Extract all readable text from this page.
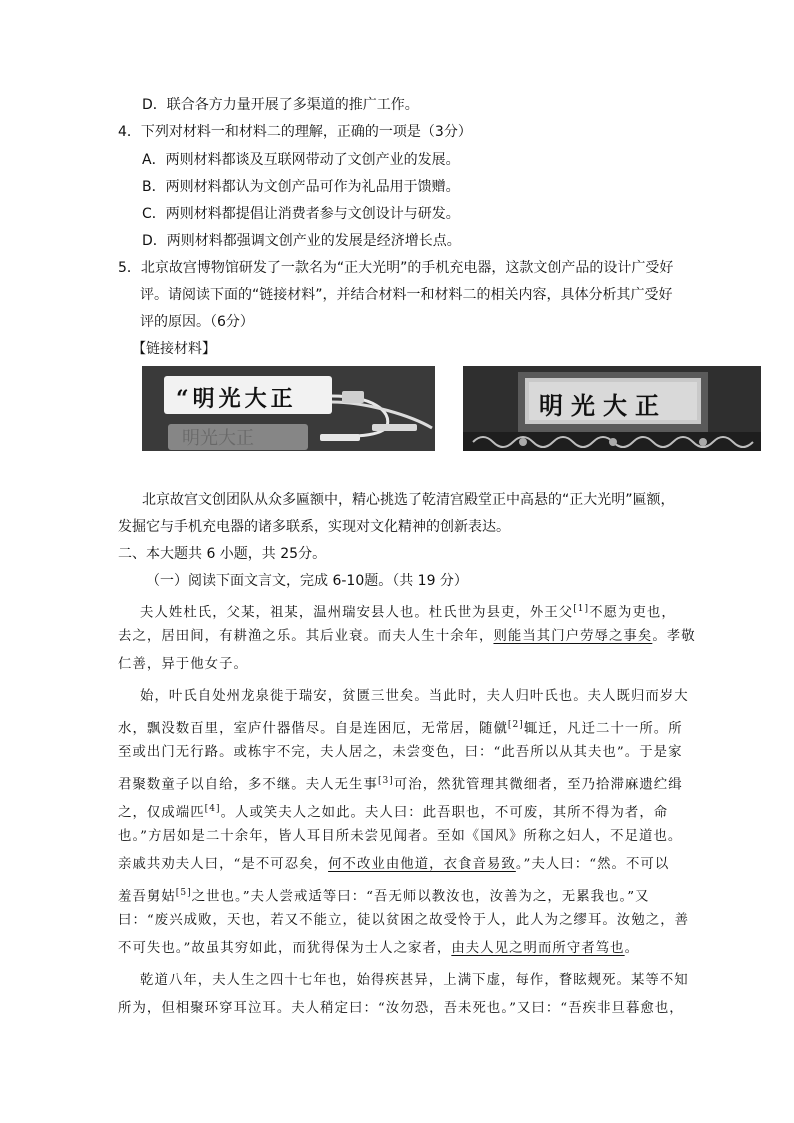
D．联合各方力量开展了多渠道的推广工作。
4．下列对材料一和材料二的理解，正确的一项是（3分）
A．两则材料都谈及互联网带动了文创产业的发展。
B．两则材料都认为文创产品可作为礼品用于馈赠。
C．两则材料都提倡让消费者参与文创设计与研发。
D．两则材料都强调文创产业的发展是经济增长点。
5．北京故宫博物馆研发了一款名为“正大光明”的手机充电器，这款文创产品的设计广受好
评。请阅读下面的“链接材料”，并结合材料一和材料二的相关内容，具体分析其广受好
评的原因。（6分）
【链接材料】
明光大正
“明光大正	明光大正
北京故宫文创团队从众多匾额中，精心挑选了乾清宫殿堂正中高悬的“正大光明”匾额，
发掘它与手机充电器的诸多联系，实现对文化精神的创新表达。
二、本大题共 6 小题，共 25分。
（一）阅读下面文言文，完成 6-10题。（共 19 分）
夫人姓杜氏，父某，祖某，温州瑞安县人也。杜氏世为县吏，外王父[1]不愿为吏也，
去之，居田间，有耕渔之乐。其后业衰。而夫人生十余年，则能当其门户劳辱之事矣。孝敬
仁善，异于他女子。
始，叶氏自处州龙泉徙于瑞安，贫匮三世矣。当此时，夫人归叶氏也。夫人既归而岁大
水，飘没数百里，室庐什器偕尽。自是连困厄，无常居，随僦[2]辄迁，凡迁二十一所。所
至或出门无行路。或栋宇不完，夫人居之，未尝变色，曰：“此吾所以从其夫也”。于是家
君聚数童子以自给，多不继。夫人无生事[3]可治，然犹管理其微细者，至乃拾滞麻遗纻缉
之，仅成端匹[4]。人或笑夫人之如此。夫人曰：此吾职也，不可废，其所不得为者，命
也。”方居如是二十余年，皆人耳目所未尝见闻者。至如《国风》所称之妇人，不足道也。
亲戚共劝夫人曰，“是不可忍矣，何不改业由他道，衣食音易致。”夫人曰：“然。不可以
羞吾舅姑[5]之世也。”夫人尝戒适等曰：“吾无师以教汝也，汝善为之，无累我也。”又
曰：“废兴成败，天也，若又不能立，徒以贫困之故受怜于人，此人为之缪耳。汝勉之，善
不可失也。”故虽其穷如此，而犹得保为士人之家者，由夫人见之明而所守者笃也。
乾道八年，夫人生之四十七年也，始得疾甚异，上满下虚，每作，瞀眩觌死。某等不知
所为，但相聚环穿耳泣耳。夫人稍定曰：“汝勿恐，吾未死也。”又曰：“吾疾非旦暮愈也，
